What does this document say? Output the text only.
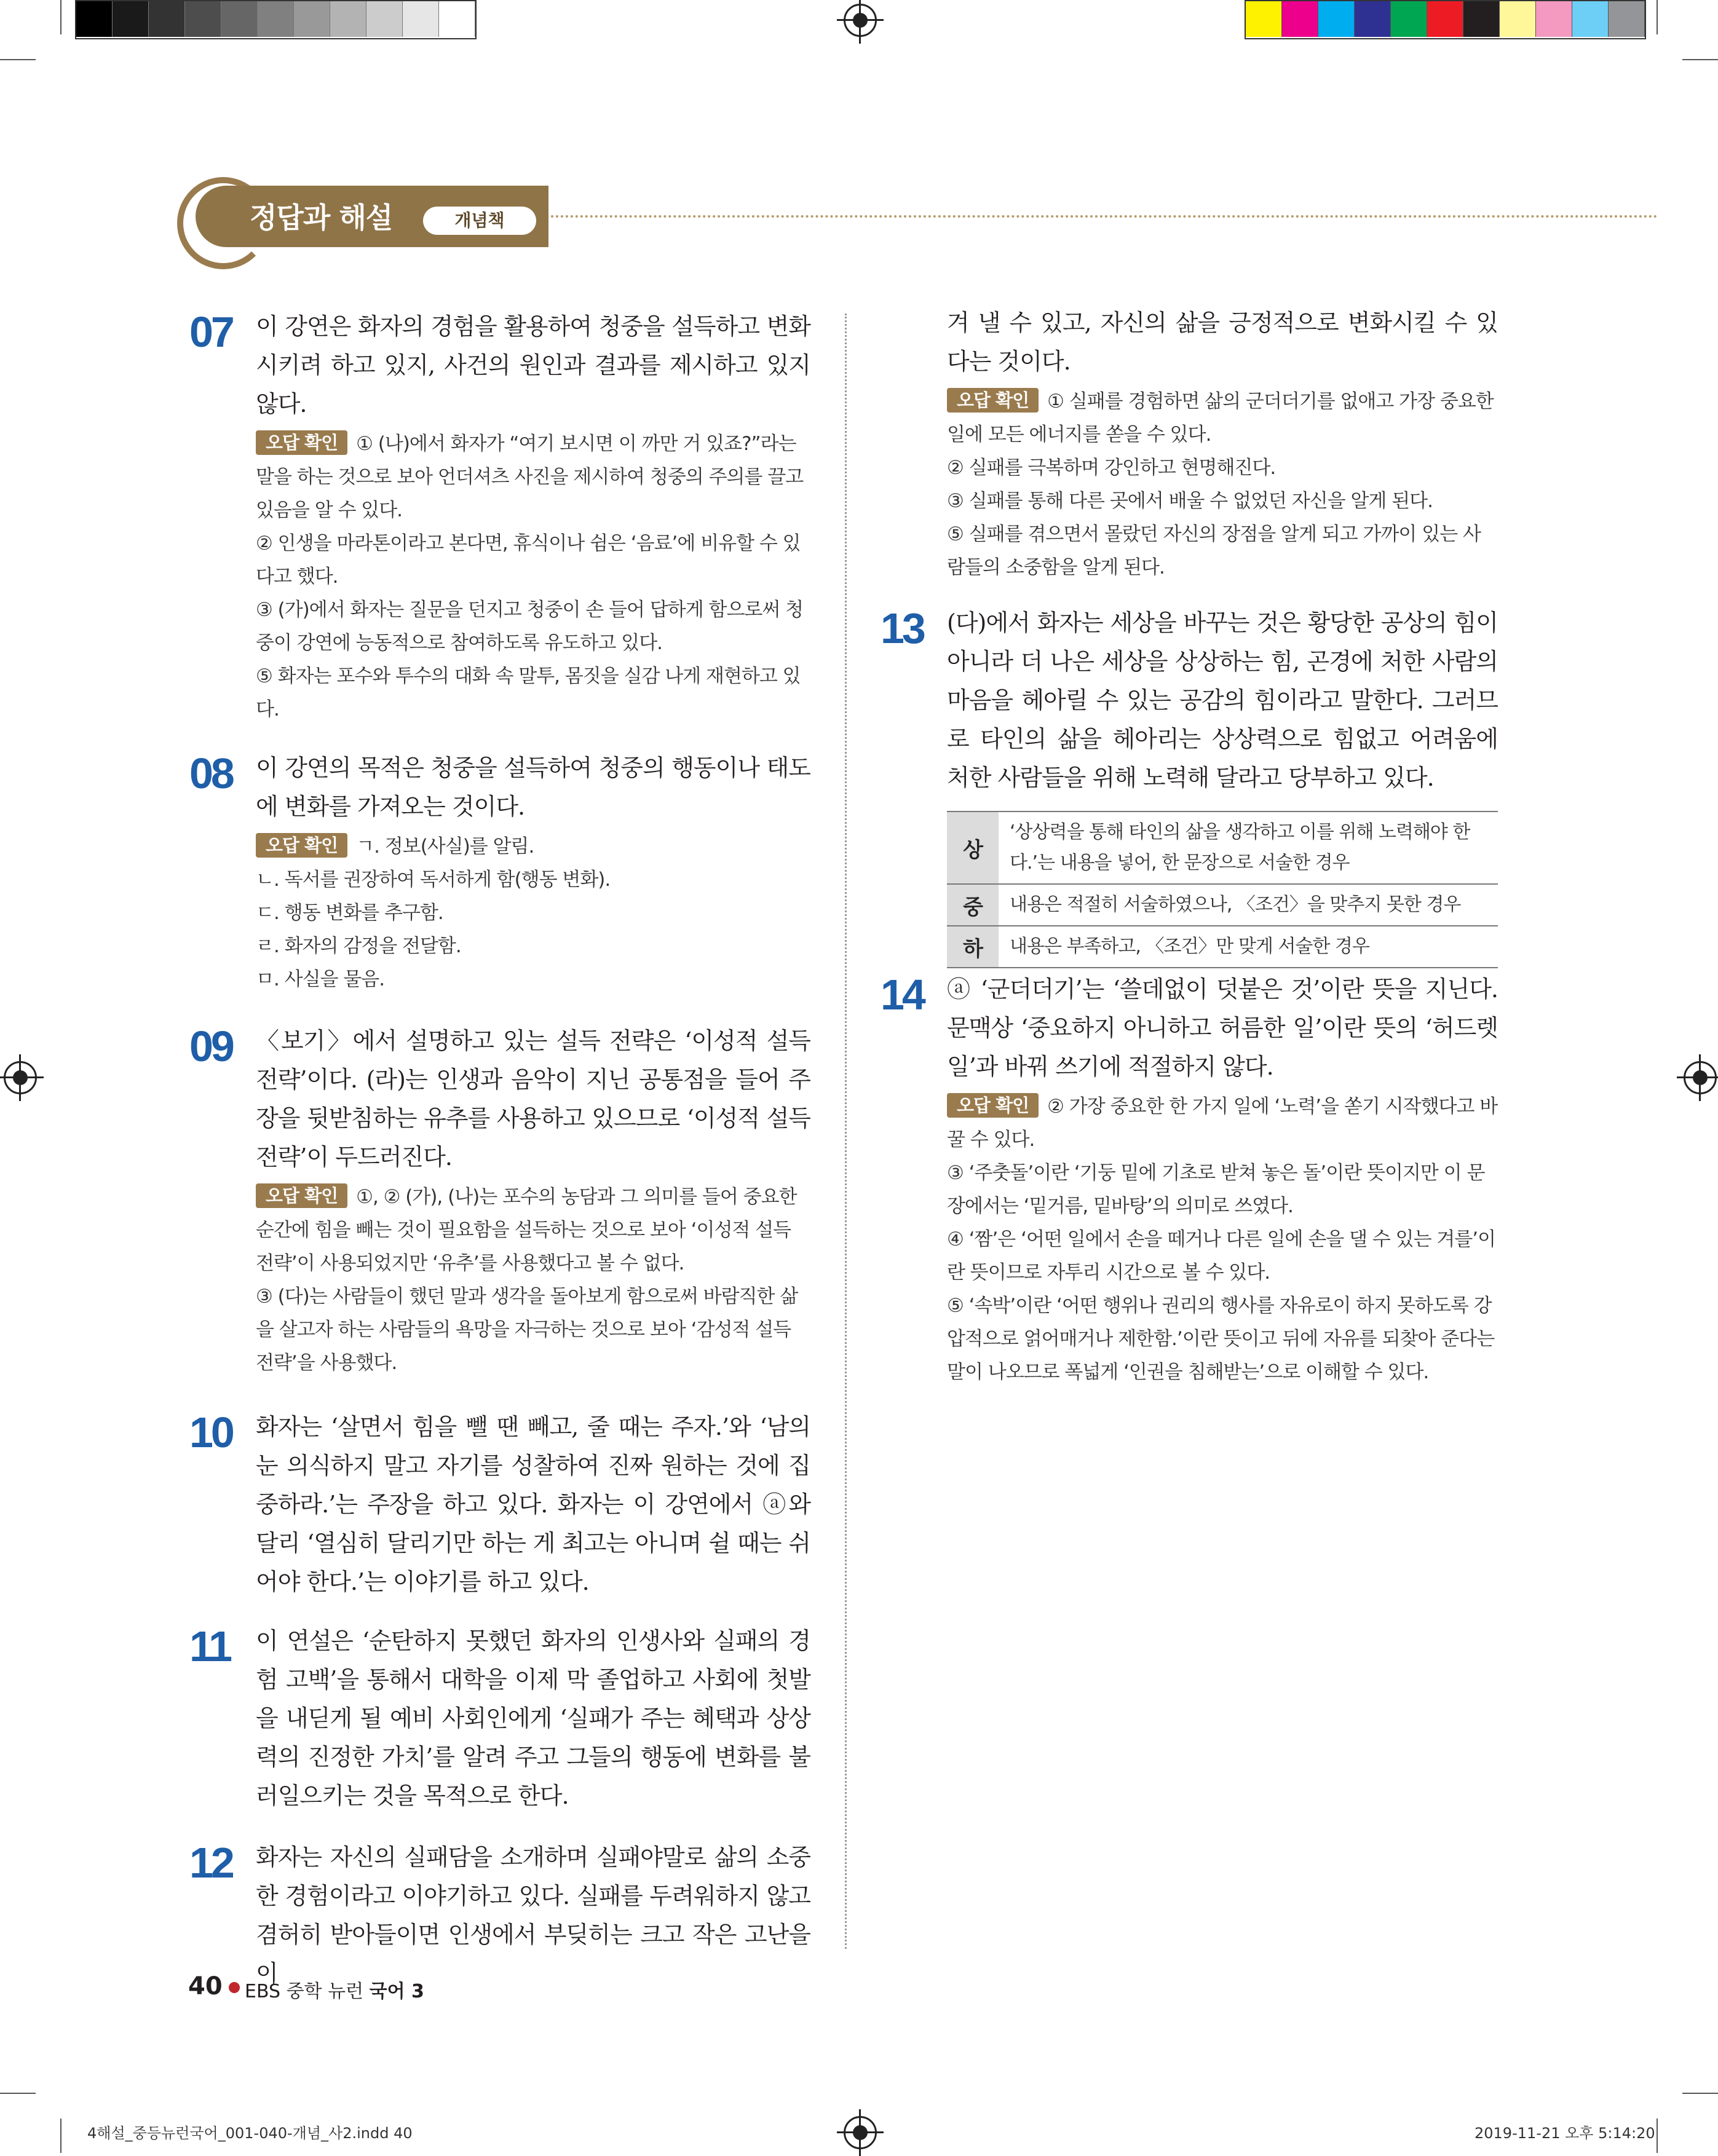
정답과 해설	개념책
07 이 강연은 화자의 경험을 활용하여 청중을 설득하고 변화시키려 하고 있지, 사건의 원인과 결과를 제시하고 있지 않다.

오답 확인 ① (나)에서 화자가 “여기 보시면 이 까만 거 있죠?”라는 말을 하는 것으로 보아 언더셔츠 사진을 제시하여 청중의 주의를 끌고 있음을 알 수 있다.
② 인생을 마라톤이라고 본다면, 휴식이나 쉼은 ‘음료’에 비유할 수 있다고 했다.
③ (가)에서 화자는 질문을 던지고 청중이 손 들어 답하게 함으로써 청중이 강연에 능동적으로 참여하도록 유도하고 있다.
⑤ 화자는 포수와 투수의 대화 속 말투, 몸짓을 실감 나게 재현하고 있다.
08 이 강연의 목적은 청중을 설득하여 청중의 행동이나 태도에 변화를 가져오는 것이다.

오답 확인 ㄱ. 정보(사실)를 알림.
ㄴ. 독서를 권장하여 독서하게 함(행동 변화).
ㄷ. 행동 변화를 추구함.
ㄹ. 화자의 감정을 전달함.
ㅁ. 사실을 물음.
09 〈보기〉에서 설명하고 있는 설득 전략은 ‘이성적 설득 전략’이다. (라)는 인생과 음악이 지닌 공통점을 들어 주장을 뒷받침하는 유추를 사용하고 있으므로 ‘이성적 설득 전략’이 두드러진다.

오답 확인 ①, ② (가), (나)는 포수의 농담과 그 의미를 들어 중요한 순간에 힘을 빼는 것이 필요함을 설득하는 것으로 보아 ‘이성적 설득 전략’이 사용되었지만 ‘유추’를 사용했다고 볼 수 없다.
③ (다)는 사람들이 했던 말과 생각을 돌아보게 함으로써 바람직한 삶을 살고자 하는 사람들의 욕망을 자극하는 것으로 보아 ‘감성적 설득 전략’을 사용했다.
10 화자는 ‘살면서 힘을 뺄 땐 빼고, 줄 때는 주자.’와 ‘남의 눈 의식하지 말고 자기를 성찰하여 진짜 원하는 것에 집중하라.’는 주장을 하고 있다. 화자는 이 강연에서 ⓐ와 달리 ‘열심히 달리기만 하는 게 최고는 아니며 쉴 때는 쉬어야 한다.’는 이야기를 하고 있다.

11 이 연설은 ‘순탄하지 못했던 화자의 인생사와 실패의 경험 고백’을 통해서 대학을 이제 막 졸업하고 사회에 첫발을 내딛게 될 예비 사회인에게 ‘실패가 주는 혜택과 상상력의 진정한 가치’를 알려 주고 그들의 행동에 변화를 불러일으키는 것을 목적으로 한다.

12 화자는 자신의 실패담을 소개하며 실패야말로 삶의 소중한 경험이라고 이야기하고 있다. 실패를 두려워하지 않고 겸허히 받아들이면 인생에서 부딪히는 크고 작은 고난을 이

겨 낼 수 있고, 자신의 삶을 긍정적으로 변화시킬 수 있다는 것이다.

오답 확인 ① 실패를 경험하면 삶의 군더더기를 없애고 가장 중요한 일에 모든 에너지를 쏟을 수 있다.
② 실패를 극복하며 강인하고 현명해진다.
③ 실패를 통해 다른 곳에서 배울 수 없었던 자신을 알게 된다.
⑤ 실패를 겪으면서 몰랐던 자신의 장점을 알게 되고 가까이 있는 사람들의 소중함을 알게 된다.
13 (다)에서 화자는 세상을 바꾸는 것은 황당한 공상의 힘이 아니라 더 나은 세상을 상상하는 힘, 곤경에 처한 사람의 마음을 헤아릴 수 있는 공감의 힘이라고 말한다. 그러므로 타인의 삶을 헤아리는 상상력으로 힘없고 어려움에 처한 사람들을 위해 노력해 달라고 당부하고 있다.

상	‘상상력을 통해 타인의 삶을 생각하고 이를 위해 노력해야 한다.’는 내용을 넣어, 한 문장으로 서술한 경우
중	내용은 적절히 서술하였으나, 〈조건〉을 맞추지 못한 경우
하	내용은 부족하고, 〈조건〉만 맞게 서술한 경우
14 ⓐ ‘군더더기’는 ‘쓸데없이 덧붙은 것’이란 뜻을 지닌다. 문맥상 ‘중요하지 아니하고 허름한 일’이란 뜻의 ‘허드렛일’과 바꿔 쓰기에 적절하지 않다.

오답 확인 ② 가장 중요한 한 가지 일에 ‘노력’을 쏟기 시작했다고 바꿀 수 있다.
③ ‘주춧돌’이란 ‘기둥 밑에 기초로 받쳐 놓은 돌’이란 뜻이지만 이 문장에서는 ‘밑거름, 밑바탕’의 의미로 쓰였다.
④ ‘짬’은 ‘어떤 일에서 손을 떼거나 다른 일에 손을 댈 수 있는 겨를’이란 뜻이므로 자투리 시간으로 볼 수 있다.
⑤ ‘속박’이란 ‘어떤 행위나 권리의 행사를 자유로이 하지 못하도록 강압적으로 얽어매거나 제한함.’이란 뜻이고 뒤에 자유를 되찾아 준다는 말이 나오므로 폭넓게 ‘인권을 침해받는’으로 이해할 수 있다.
40 EBS 중학 뉴런 국어 3
4해설_중등뉴런국어_001-040-개념_사2.indd 40	2019-11-21 오후 5:14:20
